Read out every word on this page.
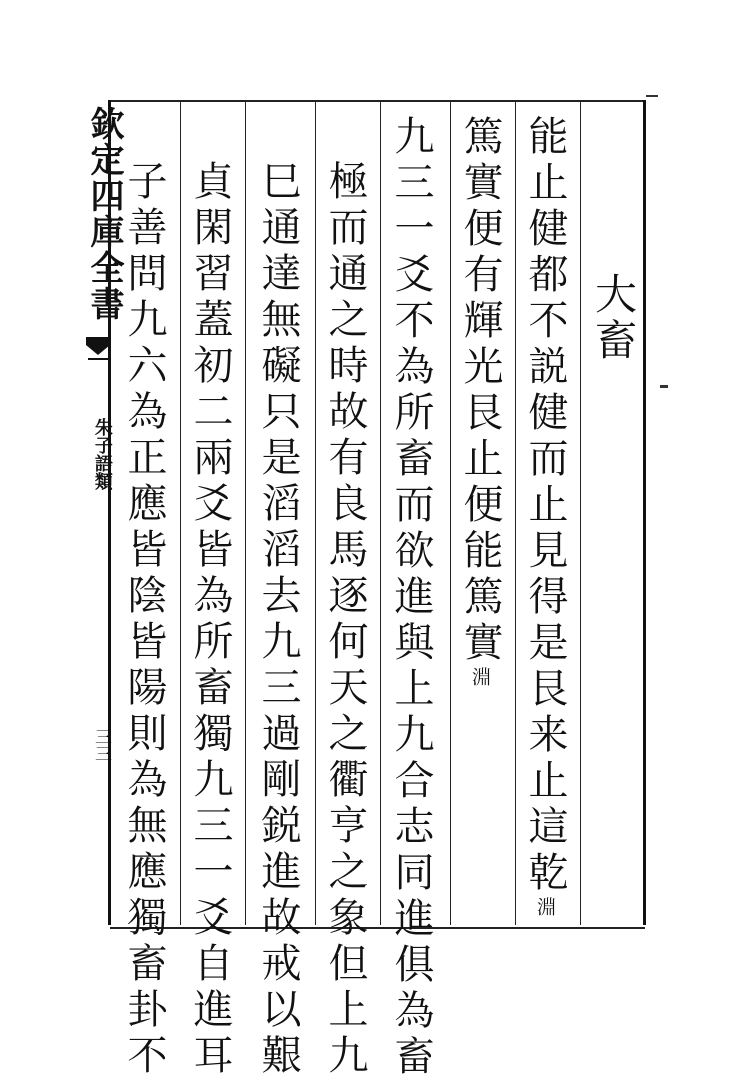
大畜
能止健都不説健而止見得是艮来止這乾淵
篤實便有輝光艮止便能篤實淵
九三一爻不為所畜而欲進與上九合志同進俱為畜
極而通之時故有良馬逐何天之衢亨之象但上九
巳通達無礙只是滔滔去九三過剛鋭進故戒以艱
貞閑習蓋初二兩爻皆為所畜獨九三一爻自進耳
子善問九六為正應皆陰皆陽則為無應獨畜卦不
欽定四庫全書
朱子語類
三三
